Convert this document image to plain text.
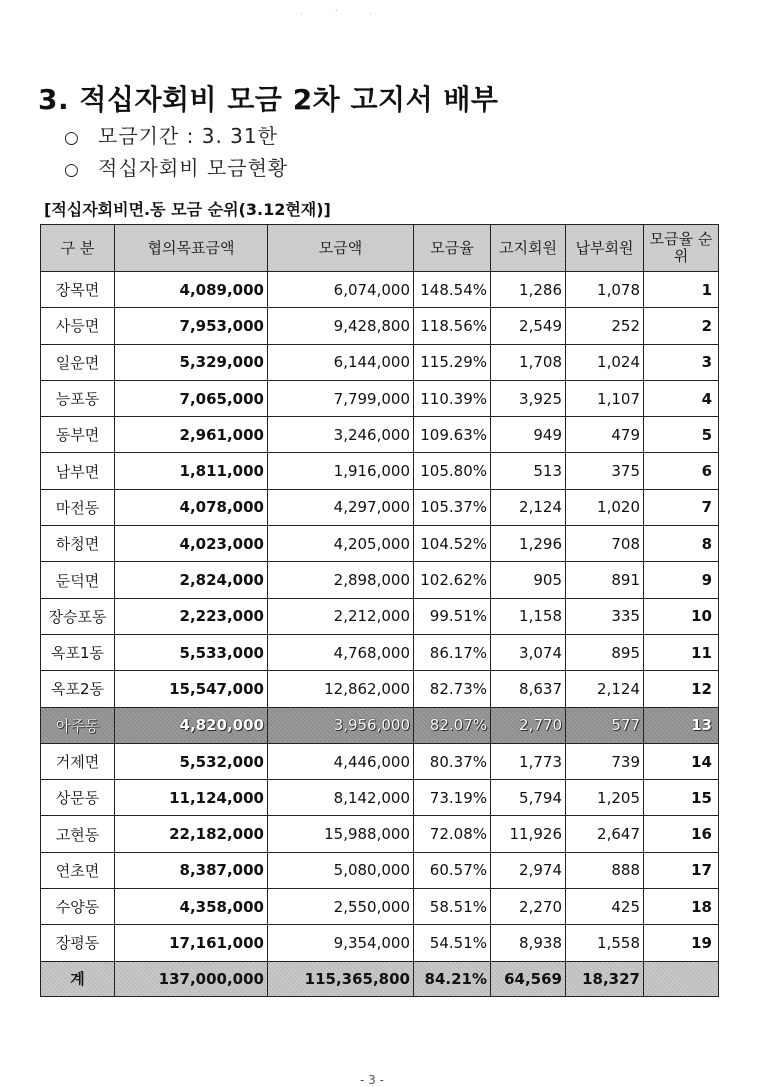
· ˊ ·
3. 적십자회비 모금 2차 고지서 배부
○ 모금기간 : 3. 31한
○ 적십자회비 모금현황
[적십자회비면.동 모금 순위(3.12현재)]
구 분	협의목표금액	모금액	모금율	고지회원	납부회원	모금율 순위
장목면	4,089,000	6,074,000	148.54%	1,286	1,078	1
사등면	7,953,000	9,428,800	118.56%	2,549	252	2
일운면	5,329,000	6,144,000	115.29%	1,708	1,024	3
능포동	7,065,000	7,799,000	110.39%	3,925	1,107	4
동부면	2,961,000	3,246,000	109.63%	949	479	5
남부면	1,811,000	1,916,000	105.80%	513	375	6
마전동	4,078,000	4,297,000	105.37%	2,124	1,020	7
하청면	4,023,000	4,205,000	104.52%	1,296	708	8
둔덕면	2,824,000	2,898,000	102.62%	905	891	9
장승포동	2,223,000	2,212,000	99.51%	1,158	335	10
옥포1동	5,533,000	4,768,000	86.17%	3,074	895	11
옥포2동	15,547,000	12,862,000	82.73%	8,637	2,124	12
아주동	4,820,000	3,956,000	82.07%	2,770	577	13
거제면	5,532,000	4,446,000	80.37%	1,773	739	14
상문동	11,124,000	8,142,000	73.19%	5,794	1,205	15
고현동	22,182,000	15,988,000	72.08%	11,926	2,647	16
연초면	8,387,000	5,080,000	60.57%	2,974	888	17
수양동	4,358,000	2,550,000	58.51%	2,270	425	18
장평동	17,161,000	9,354,000	54.51%	8,938	1,558	19
계	137,000,000	115,365,800	84.21%	64,569	18,327	
- 3 -
